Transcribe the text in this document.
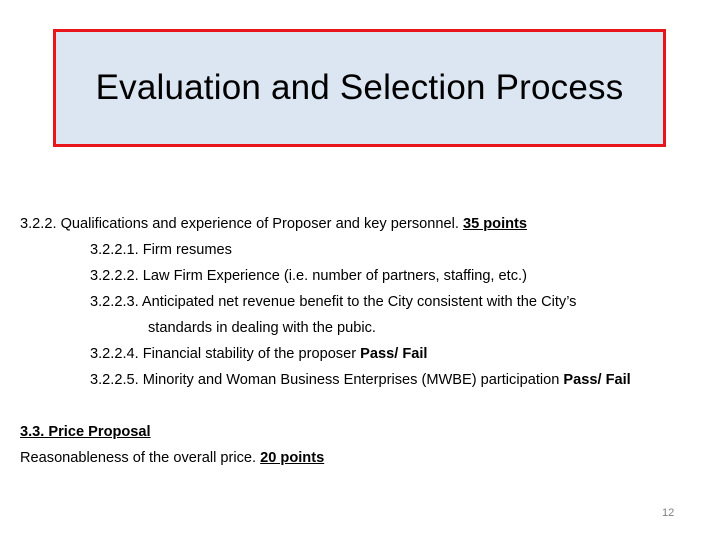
Evaluation and Selection Process
3.2.2. Qualifications and experience of Proposer and key personnel. 35 points
3.2.2.1. Firm resumes
3.2.2.2. Law Firm Experience (i.e. number of partners, staffing, etc.)
3.2.2.3. Anticipated net revenue benefit to the City consistent with the City’s
standards in dealing with the pubic.
3.2.2.4. Financial stability of the proposer Pass/ Fail
3.2.2.5. Minority and Woman Business Enterprises (MWBE) participation Pass/ Fail
3.3. Price Proposal
Reasonableness of the overall price. 20 points
12
